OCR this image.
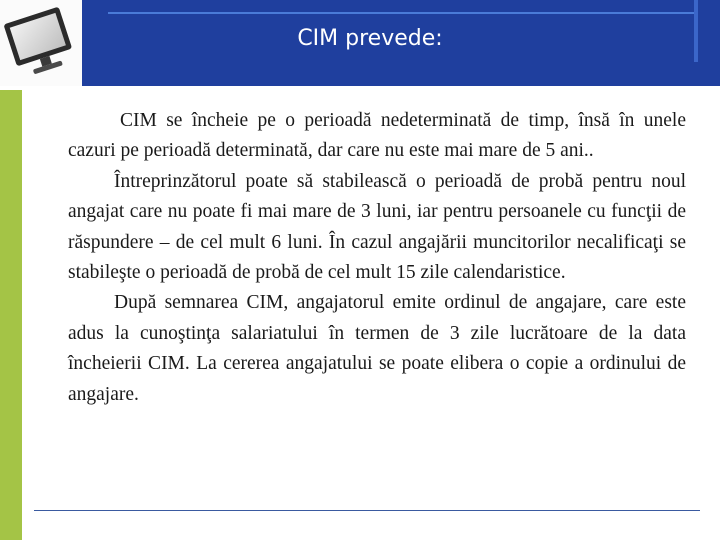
CIM prevede:

CIM se încheie pe o perioadă nedeterminată de timp, însă în unele cazuri pe perioadă determinată, dar care nu este mai mare de 5 ani..

Întreprinzătorul poate să stabilească o perioadă de probă pentru noul angajat care nu poate fi mai mare de 3 luni, iar pentru persoanele cu funcţii de răspundere – de cel mult 6 luni. În cazul angajării muncitorilor necalificaţi se stabileşte o perioadă de probă de cel mult 15 zile calendaristice.

După semnarea CIM, angajatorul emite ordinul de angajare, care este adus la cunoştinţa salariatului în termen de 3 zile lucrătoare de la data încheierii CIM. La cererea angajatului se poate elibera o copie a ordinului de angajare.
